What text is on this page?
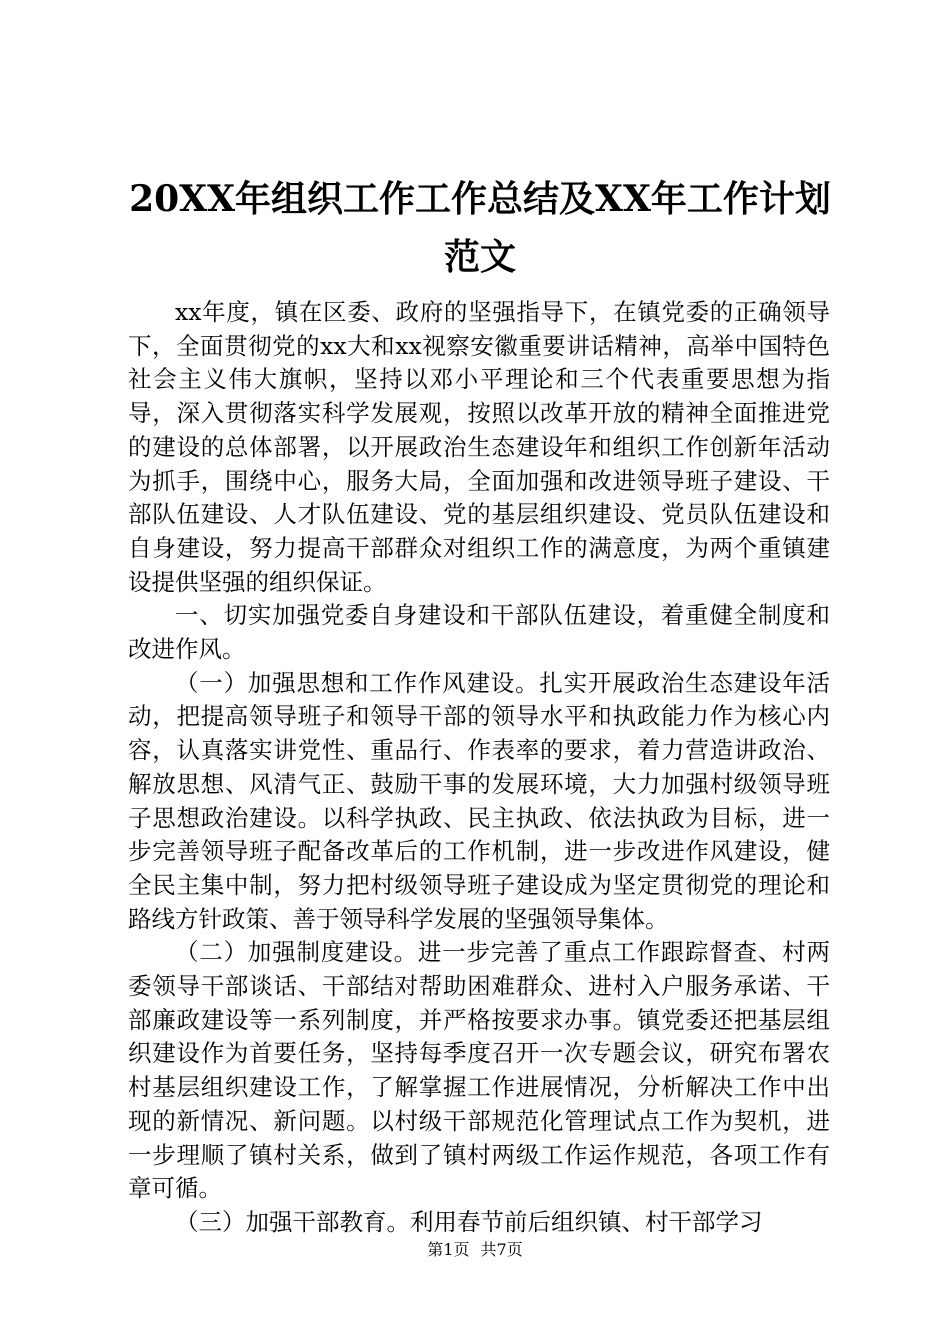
20XX年组织工作工作总结及XX年工作计划范文

xx年度，镇在区委、政府的坚强指导下，在镇党委的正确领导下，全面贯彻党的xx大和xx视察安徽重要讲话精神，高举中国特色社会主义伟大旗帜，坚持以邓小平理论和三个代表重要思想为指导，深入贯彻落实科学发展观，按照以改革开放的精神全面推进党的建设的总体部署，以开展政治生态建设年和组织工作创新年活动为抓手，围绕中心，服务大局，全面加强和改进领导班子建设、干部队伍建设、人才队伍建设、党的基层组织建设、党员队伍建设和自身建设，努力提高干部群众对组织工作的满意度，为两个重镇建设提供坚强的组织保证。

一、切实加强党委自身建设和干部队伍建设，着重健全制度和改进作风。

（一）加强思想和工作作风建设。扎实开展政治生态建设年活动，把提高领导班子和领导干部的领导水平和执政能力作为核心内容，认真落实讲党性、重品行、作表率的要求，着力营造讲政治、解放思想、风清气正、鼓励干事的发展环境，大力加强村级领导班子思想政治建设。以科学执政、民主执政、依法执政为目标，进一步完善领导班子配备改革后的工作机制，进一步改进作风建设，健全民主集中制，努力把村级领导班子建设成为坚定贯彻党的理论和路线方针政策、善于领导科学发展的坚强领导集体。

（二）加强制度建设。进一步完善了重点工作跟踪督查、村两委领导干部谈话、干部结对帮助困难群众、进村入户服务承诺、干部廉政建设等一系列制度，并严格按要求办事。镇党委还把基层组织建设作为首要任务，坚持每季度召开一次专题会议，研究布署农村基层组织建设工作，了解掌握工作进展情况，分析解决工作中出现的新情况、新问题。以村级干部规范化管理试点工作为契机，进一步理顺了镇村关系，做到了镇村两级工作运作规范，各项工作有章可循。

（三）加强干部教育。利用春节前后组织镇、村干部学习

第1页 共7页
